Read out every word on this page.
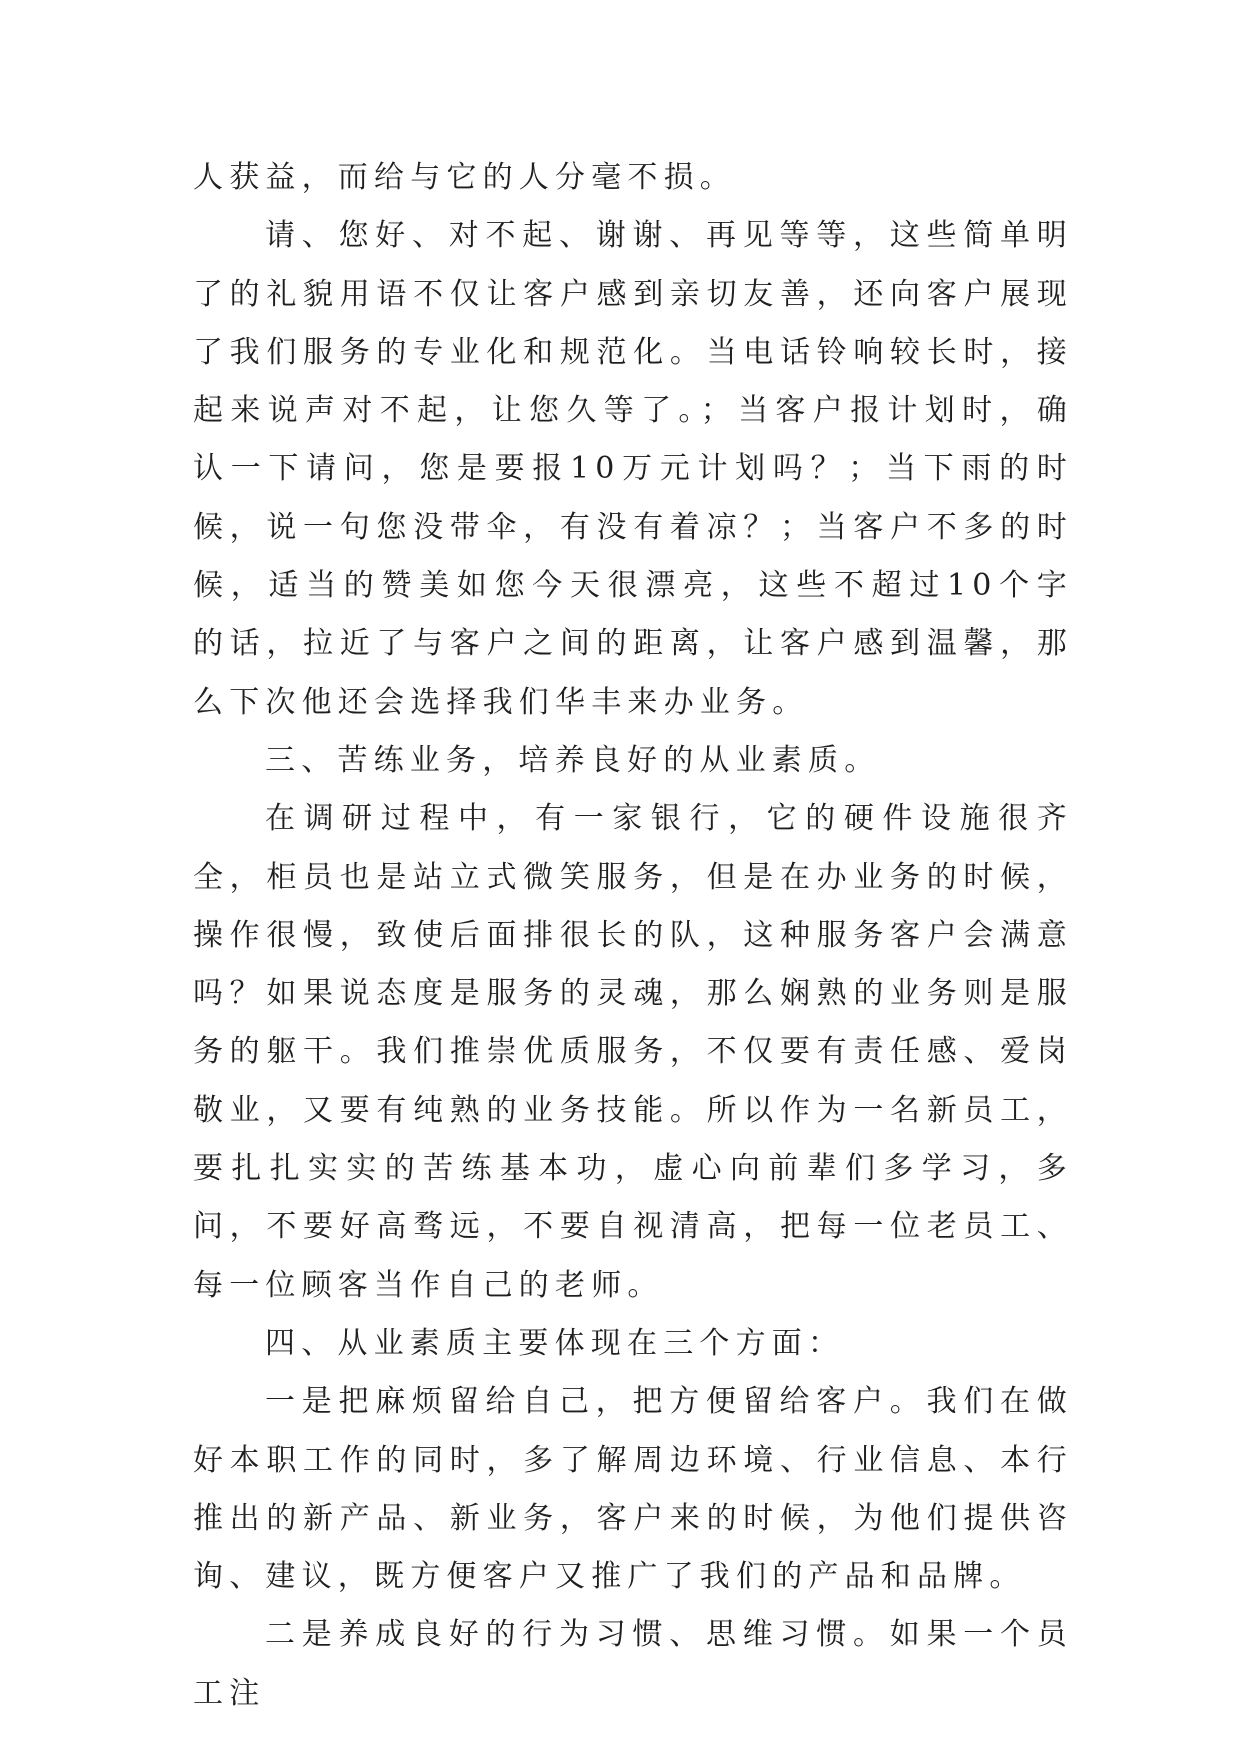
人获益，而给与它的人分毫不损。

请、您好、对不起、谢谢、再见等等，这些简单明了的礼貌用语不仅让客户感到亲切友善，还向客户展现了我们服务的专业化和规范化。当电话铃响较长时，接起来说声对不起，让您久等了。；当客户报计划时，确认一下请问，您是要报10万元计划吗？；当下雨的时候，说一句您没带伞，有没有着凉？；当客户不多的时候，适当的赞美如您今天很漂亮，这些不超过10个字的话，拉近了与客户之间的距离，让客户感到温馨，那么下次他还会选择我们华丰来办业务。

三、苦练业务，培养良好的从业素质。

在调研过程中，有一家银行，它的硬件设施很齐全，柜员也是站立式微笑服务，但是在办业务的时候，操作很慢，致使后面排很长的队，这种服务客户会满意吗？如果说态度是服务的灵魂，那么娴熟的业务则是服务的躯干。我们推崇优质服务，不仅要有责任感、爱岗敬业，又要有纯熟的业务技能。所以作为一名新员工，要扎扎实实的苦练基本功，虚心向前辈们多学习，多问，不要好高骛远，不要自视清高，把每一位老员工、每一位顾客当作自己的老师。

四、从业素质主要体现在三个方面：

一是把麻烦留给自己，把方便留给客户。我们在做好本职工作的同时，多了解周边环境、行业信息、本行推出的新产品、新业务，客户来的时候，为他们提供咨询、建议，既方便客户又推广了我们的产品和品牌。

二是养成良好的行为习惯、思维习惯。如果一个员工注
